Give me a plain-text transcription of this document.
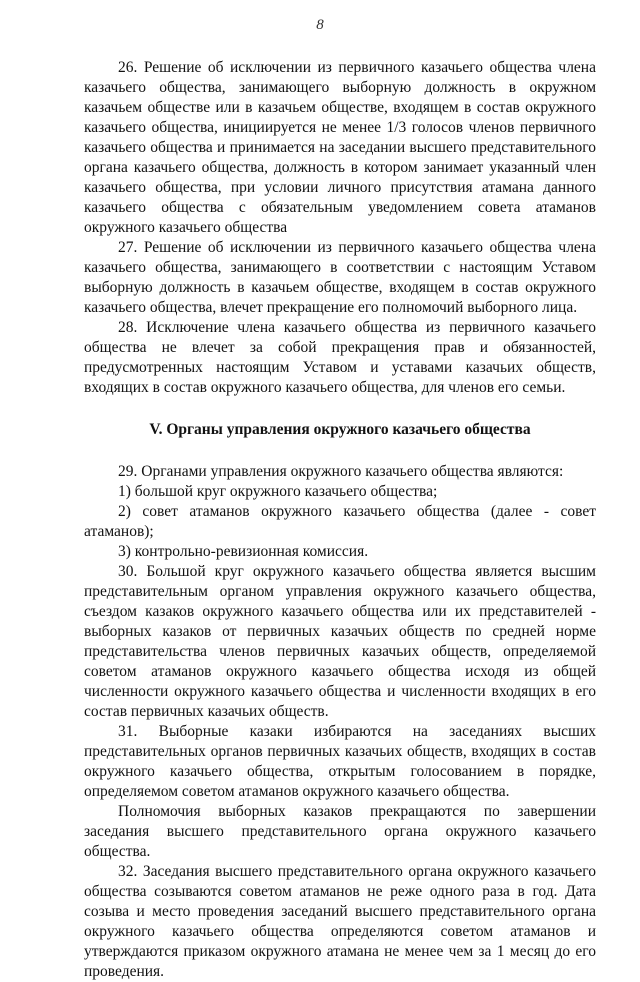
8

26. Решение об исключении из первичного казачьего общества члена казачьего общества, занимающего выборную должность в окружном казачьем обществе или в казачьем обществе, входящем в состав окружного казачьего общества, инициируется не менее 1/3 голосов членов первичного казачьего общества и принимается на заседании высшего представительного органа казачьего общества, должность в котором занимает указанный член казачьего общества, при условии личного присутствия атамана данного казачьего общества с обязательным уведомлением совета атаманов окружного казачьего общества

27. Решение об исключении из первичного казачьего общества члена казачьего общества, занимающего в соответствии с настоящим Уставом выборную должность в казачьем обществе, входящем в состав окружного казачьего общества, влечет прекращение его полномочий выборного лица.

28. Исключение члена казачьего общества из первичного казачьего общества не влечет за собой прекращения прав и обязанностей, предусмотренных настоящим Уставом и уставами казачьих обществ, входящих в состав окружного казачьего общества, для членов его семьи.

V. Органы управления окружного казачьего общества

29. Органами управления окружного казачьего общества являются:

1) большой круг окружного казачьего общества;

2) совет атаманов окружного казачьего общества (далее - совет атаманов);

3) контрольно-ревизионная комиссия.

30. Большой круг окружного казачьего общества является высшим представительным органом управления окружного казачьего общества, съездом казаков окружного казачьего общества или их представителей - выборных казаков от первичных казачьих обществ по средней норме представительства членов первичных казачьих обществ, определяемой советом атаманов окружного казачьего общества исходя из общей численности окружного казачьего общества и численности входящих в его состав первичных казачьих обществ.

31. Выборные казаки избираются на заседаниях высших представительных органов первичных казачьих обществ, входящих в состав окружного казачьего общества, открытым голосованием в порядке, определяемом советом атаманов окружного казачьего общества.

Полномочия выборных казаков прекращаются по завершении заседания высшего представительного органа окружного казачьего общества.

32. Заседания высшего представительного органа окружного казачьего общества созываются советом атаманов не реже одного раза в год. Дата созыва и место проведения заседаний высшего представительного органа окружного казачьего общества определяются советом атаманов и утверждаются приказом окружного атамана не менее чем за 1 месяц до его проведения.
